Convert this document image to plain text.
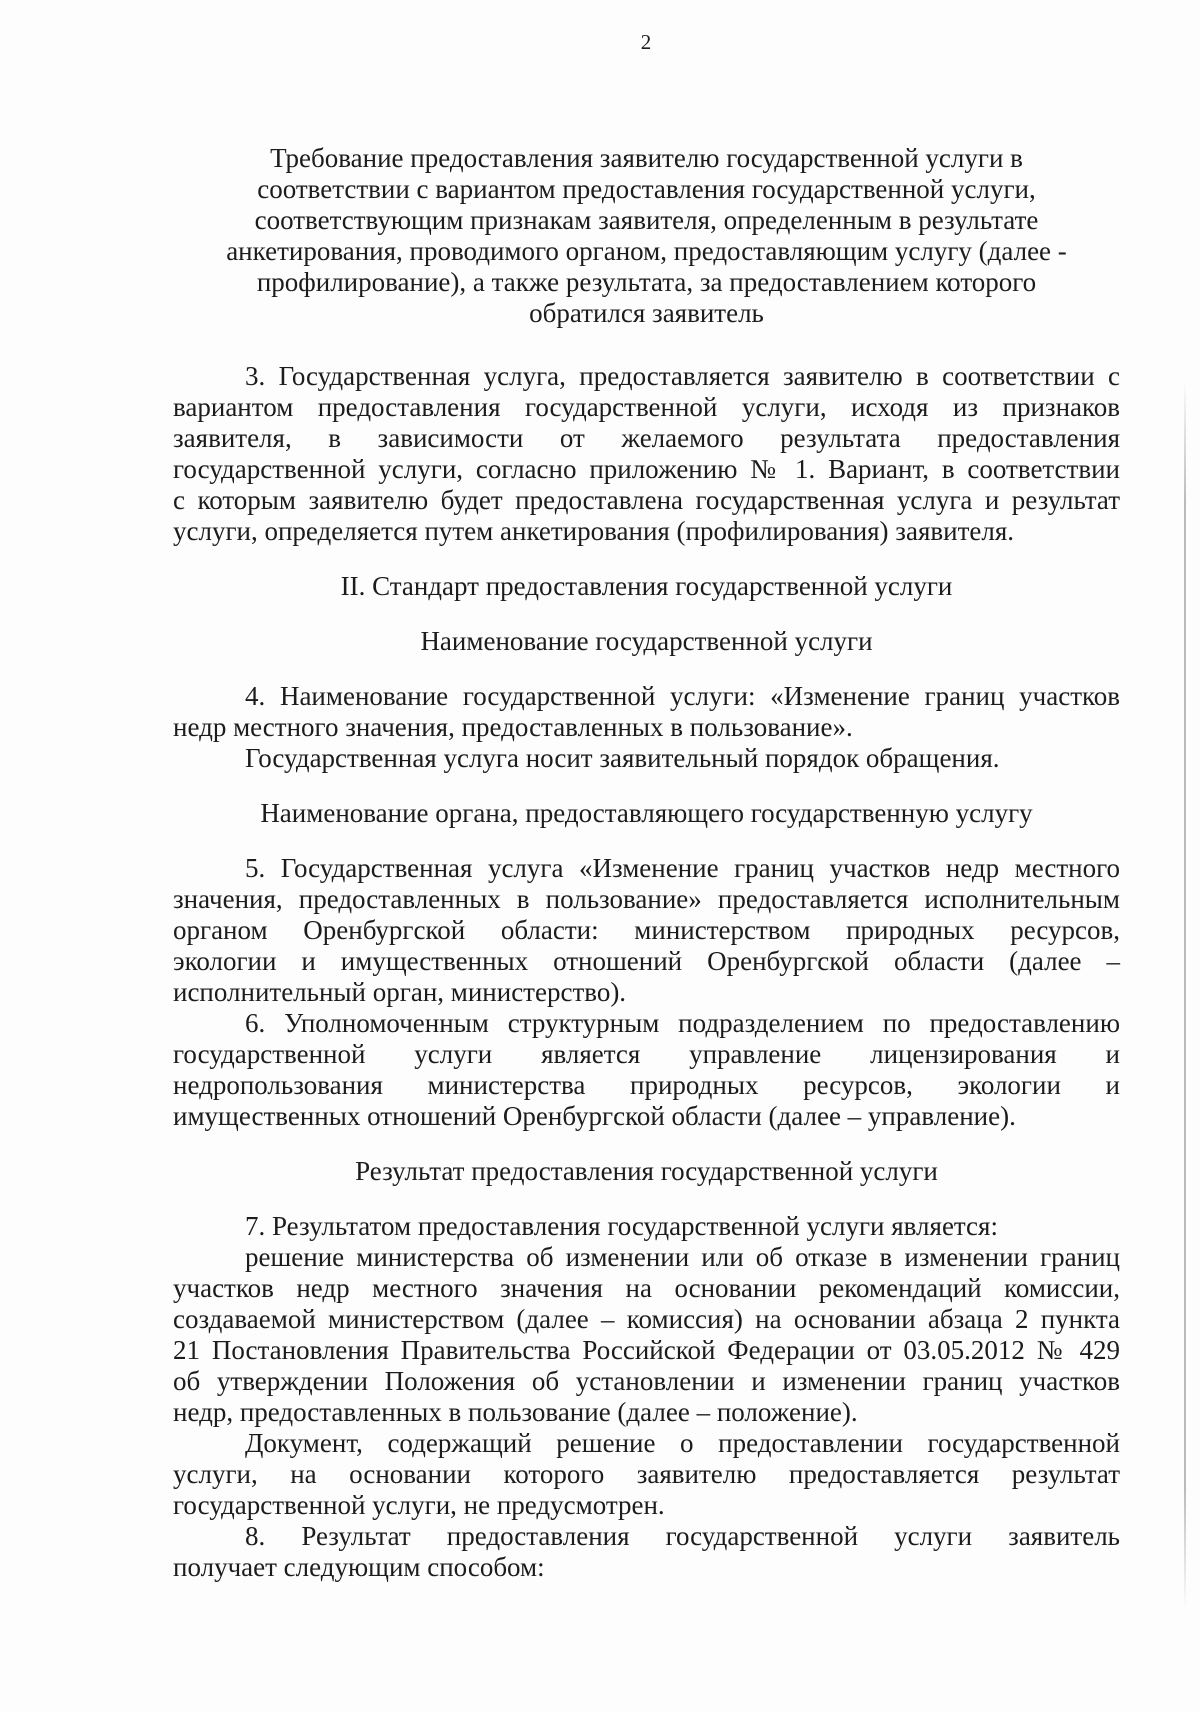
2
Требование предоставления заявителю государственной услуги в
соответствии с вариантом предоставления государственной услуги,
соответствующим признакам заявителя, определенным в результате
анкетирования, проводимого органом, предоставляющим услугу (далее -
профилирование), а также результата, за предоставлением которого
обратился заявитель
3. Государственная услуга, предоставляется заявителю в соответствии с
вариантом предоставления государственной услуги, исходя из признаков
заявителя, в зависимости от желаемого результата предоставления
государственной услуги, согласно приложению № 1. Вариант, в соответствии
с которым заявителю будет предоставлена государственная услуга и результат
услуги, определяется путем анкетирования (профилирования) заявителя.
II. Стандарт предоставления государственной услуги
Наименование государственной услуги
4. Наименование государственной услуги: «Изменение границ участков
недр местного значения, предоставленных в пользование».
Государственная услуга носит заявительный порядок обращения.
Наименование органа, предоставляющего государственную услугу
5. Государственная услуга «Изменение границ участков недр местного
значения, предоставленных в пользование» предоставляется исполнительным
органом Оренбургской области: министерством природных ресурсов,
экологии и имущественных отношений Оренбургской области (далее –
исполнительный орган, министерство).
6. Уполномоченным структурным подразделением по предоставлению
государственной услуги является управление лицензирования и
недропользования министерства природных ресурсов, экологии и
имущественных отношений Оренбургской области (далее – управление).
Результат предоставления государственной услуги
7. Результатом предоставления государственной услуги является:
решение министерства об изменении или об отказе в изменении границ
участков недр местного значения на основании рекомендаций комиссии,
создаваемой министерством (далее – комиссия) на основании абзаца 2 пункта
21 Постановления Правительства Российской Федерации от 03.05.2012 № 429
об утверждении Положения об установлении и изменении границ участков
недр, предоставленных в пользование (далее – положение).
Документ, содержащий решение о предоставлении государственной
услуги, на основании которого заявителю предоставляется результат
государственной услуги, не предусмотрен.
8. Результат предоставления государственной услуги заявитель
получает следующим способом:
